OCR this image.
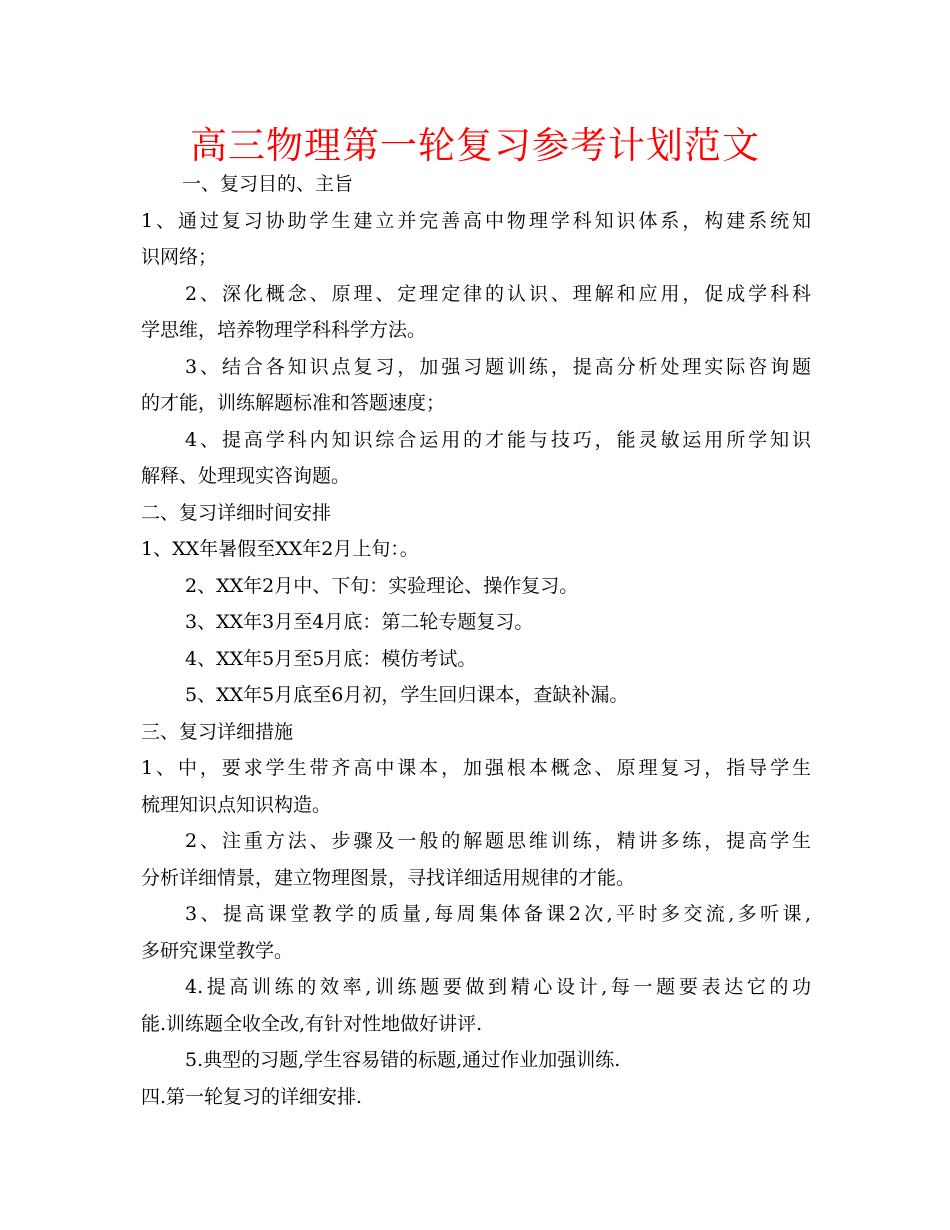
高三物理第一轮复习参考计划范文

一、复习目的、主旨

1、通过复习协助学生建立并完善高中物理学科知识体系，构建系统知

识网络；

2、深化概念、原理、定理定律的认识、理解和应用，促成学科科

学思维，培养物理学科科学方法。

3、结合各知识点复习，加强习题训练，提高分析处理实际咨询题

的才能，训练解题标准和答题速度；

4、提高学科内知识综合运用的才能与技巧，能灵敏运用所学知识

解释、处理现实咨询题。

二、复习详细时间安排

1、XX年暑假至XX年2月上旬：。

2、XX年2月中、下旬：实验理论、操作复习。

3、XX年3月至4月底：第二轮专题复习。

4、XX年5月至5月底：模仿考试。

5、XX年5月底至6月初，学生回归课本，查缺补漏。

三、复习详细措施

1、中，要求学生带齐高中课本，加强根本概念、原理复习，指导学生

梳理知识点知识构造。

2、注重方法、步骤及一般的解题思维训练，精讲多练，提高学生

分析详细情景，建立物理图景，寻找详细适用规律的才能。

3、提高课堂教学的质量,每周集体备课2次,平时多交流,多听课,

多研究课堂教学。

4.提高训练的效率,训练题要做到精心设计,每一题要表达它的功

能.训练题全收全改,有针对性地做好讲评.

5.典型的习题,学生容易错的标题,通过作业加强训练.

四.第一轮复习的详细安排.
